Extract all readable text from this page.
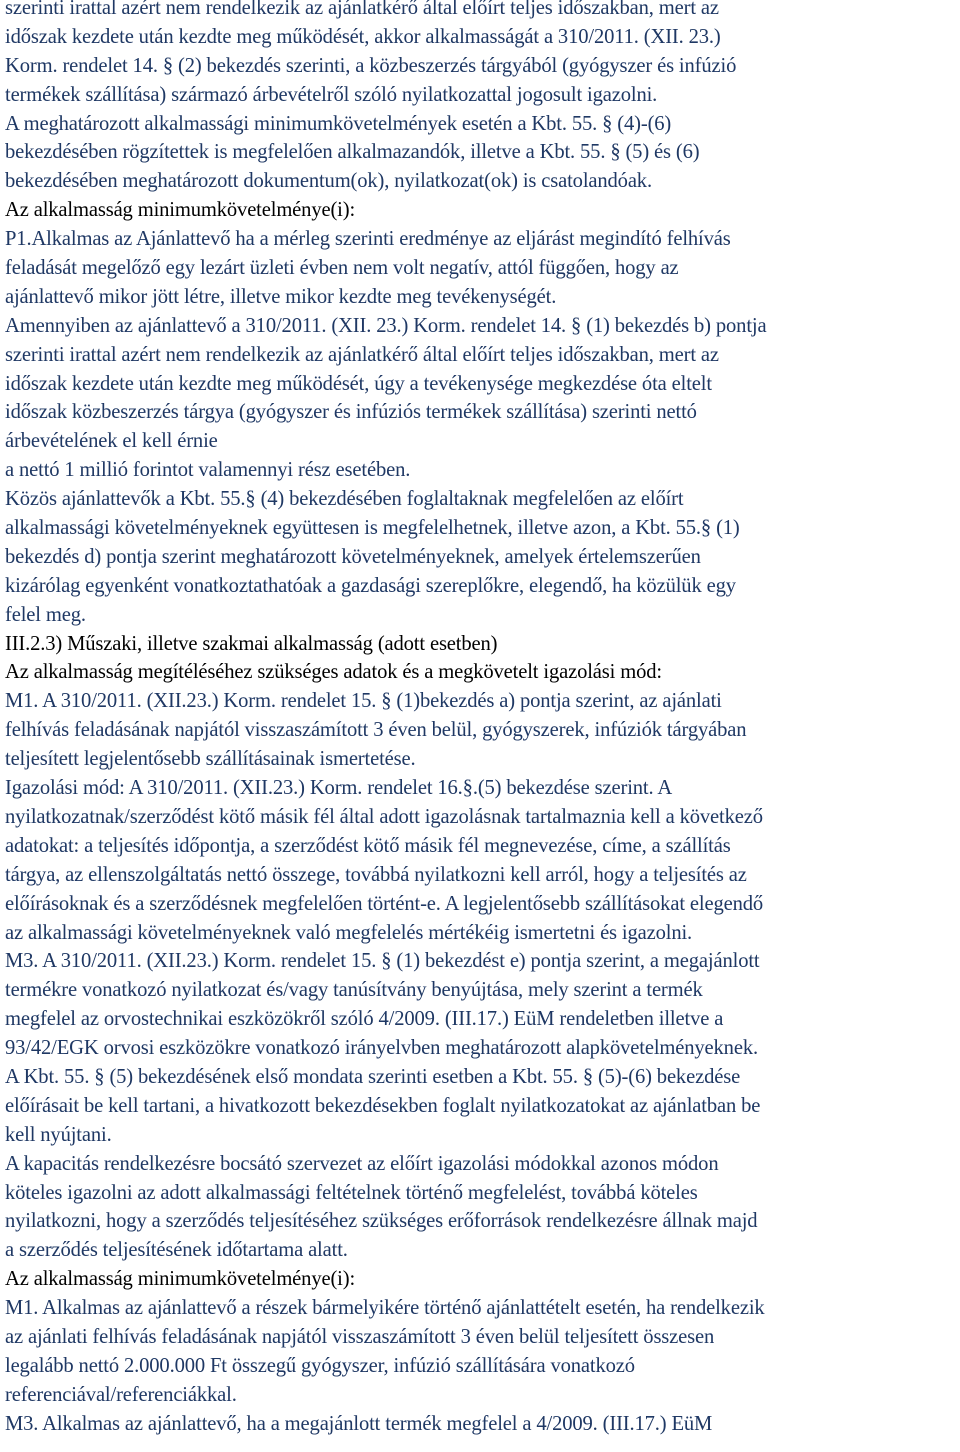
szerinti irattal azért nem rendelkezik az ajánlatkérő által előírt teljes időszakban, mert az
időszak kezdete után kezdte meg működését, akkor alkalmasságát a 310/2011. (XII. 23.)
Korm. rendelet 14. § (2) bekezdés szerinti, a közbeszerzés tárgyából (gyógyszer és infúzió
termékek szállítása) származó árbevételről szóló nyilatkozattal jogosult igazolni.
A meghatározott alkalmassági minimumkövetelmények esetén a Kbt. 55. § (4)-(6)
bekezdésében rögzítettek is megfelelően alkalmazandók, illetve a Kbt. 55. § (5) és (6)
bekezdésében meghatározott dokumentum(ok), nyilatkozat(ok) is csatolandóak.
Az alkalmasság minimumkövetelménye(i):
P1.Alkalmas az Ajánlattevő ha a mérleg szerinti eredménye az eljárást megindító felhívás
feladását megelőző egy lezárt üzleti évben nem volt negatív, attól függően, hogy az
ajánlattevő mikor jött létre, illetve mikor kezdte meg tevékenységét.
Amennyiben az ajánlattevő a 310/2011. (XII. 23.) Korm. rendelet 14. § (1) bekezdés b) pontja
szerinti irattal azért nem rendelkezik az ajánlatkérő által előírt teljes időszakban, mert az
időszak kezdete után kezdte meg működését, úgy a tevékenysége megkezdése óta eltelt
időszak közbeszerzés tárgya (gyógyszer és infúziós termékek szállítása) szerinti nettó
árbevételének el kell érnie
a nettó 1 millió forintot valamennyi rész esetében.
Közös ajánlattevők a Kbt. 55.§ (4) bekezdésében foglaltaknak megfelelően az előírt
alkalmassági követelményeknek együttesen is megfelelhetnek, illetve azon, a Kbt. 55.§ (1)
bekezdés d) pontja szerint meghatározott követelményeknek, amelyek értelemszerűen
kizárólag egyenként vonatkoztathatóak a gazdasági szereplőkre, elegendő, ha közülük egy
felel meg.
III.2.3) Műszaki, illetve szakmai alkalmasság (adott esetben)
Az alkalmasság megítéléséhez szükséges adatok és a megkövetelt igazolási mód:
M1. A 310/2011. (XII.23.) Korm. rendelet 15. § (1)bekezdés a) pontja szerint, az ajánlati
felhívás feladásának napjától visszaszámított 3 éven belül, gyógyszerek, infúziók tárgyában
teljesített legjelentősebb szállításainak ismertetése.
Igazolási mód: A 310/2011. (XII.23.) Korm. rendelet 16.§.(5) bekezdése szerint. A
nyilatkozatnak/szerződést kötő másik fél által adott igazolásnak tartalmaznia kell a következő
adatokat: a teljesítés időpontja, a szerződést kötő másik fél megnevezése, címe, a szállítás
tárgya, az ellenszolgáltatás nettó összege, továbbá nyilatkozni kell arról, hogy a teljesítés az
előírásoknak és a szerződésnek megfelelően történt-e. A legjelentősebb szállításokat elegendő
az alkalmassági követelményeknek való megfelelés mértékéig ismertetni és igazolni.
M3. A 310/2011. (XII.23.) Korm. rendelet 15. § (1) bekezdést e) pontja szerint, a megajánlott
termékre vonatkozó nyilatkozat és/vagy tanúsítvány benyújtása, mely szerint a termék
megfelel az orvostechnikai eszközökről szóló 4/2009. (III.17.) EüM rendeletben illetve a
93/42/EGK orvosi eszközökre vonatkozó irányelvben meghatározott alapkövetelményeknek.
A Kbt. 55. § (5) bekezdésének első mondata szerinti esetben a Kbt. 55. § (5)-(6) bekezdése
előírásait be kell tartani, a hivatkozott bekezdésekben foglalt nyilatkozatokat az ajánlatban be
kell nyújtani.
A kapacitás rendelkezésre bocsátó szervezet az előírt igazolási módokkal azonos módon
köteles igazolni az adott alkalmassági feltételnek történő megfelelést, továbbá köteles
nyilatkozni, hogy a szerződés teljesítéséhez szükséges erőforrások rendelkezésre állnak majd
a szerződés teljesítésének időtartama alatt.
Az alkalmasság minimumkövetelménye(i):
M1. Alkalmas az ajánlattevő a részek bármelyikére történő ajánlattételt esetén, ha rendelkezik
az ajánlati felhívás feladásának napjától visszaszámított 3 éven belül teljesített összesen
legalább nettó 2.000.000 Ft összegű gyógyszer, infúzió szállítására vonatkozó
referenciával/referenciákkal.
M3. Alkalmas az ajánlattevő, ha a megajánlott termék megfelel a 4/2009. (III.17.) EüM
